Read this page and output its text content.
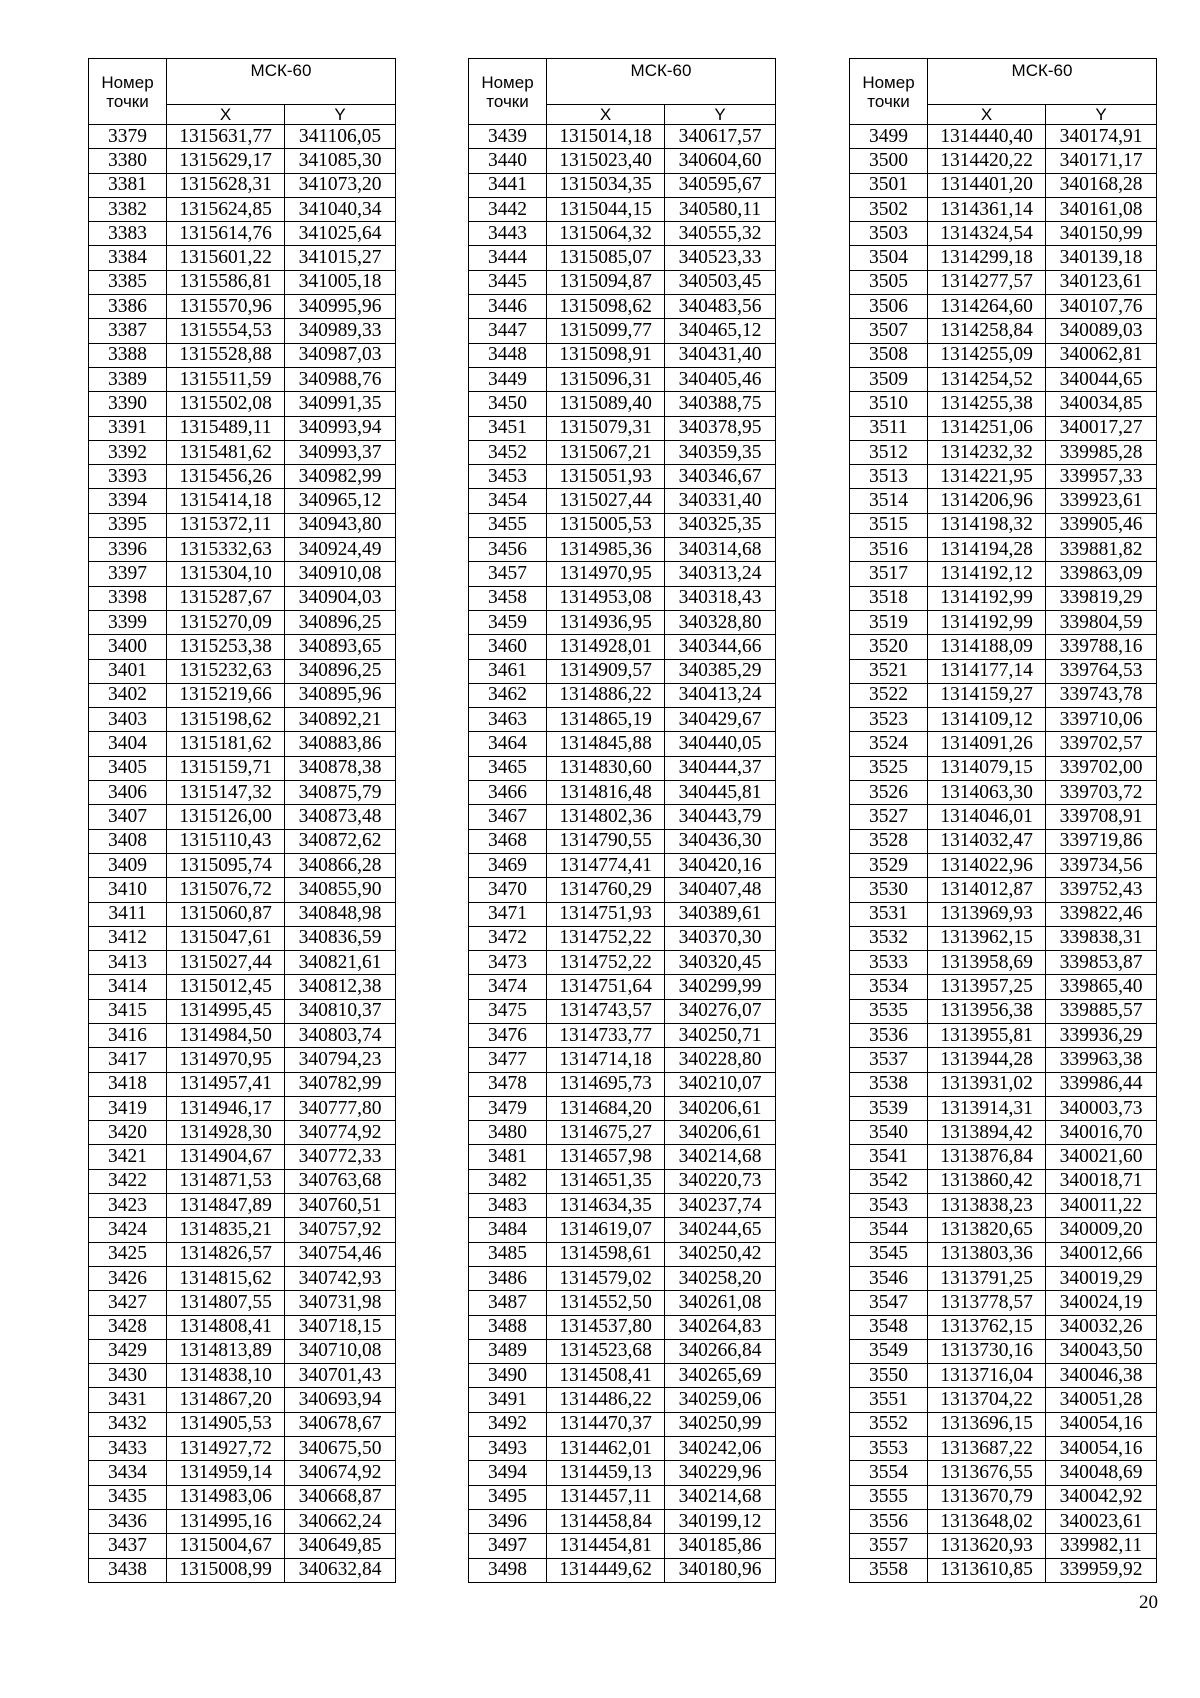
Номер
точки	МСК-60	
	X	Y
3379	1315631,77	341106,05
3380	1315629,17	341085,30
3381	1315628,31	341073,20
3382	1315624,85	341040,34
3383	1315614,76	341025,64
3384	1315601,22	341015,27
3385	1315586,81	341005,18
3386	1315570,96	340995,96
3387	1315554,53	340989,33
3388	1315528,88	340987,03
3389	1315511,59	340988,76
3390	1315502,08	340991,35
3391	1315489,11	340993,94
3392	1315481,62	340993,37
3393	1315456,26	340982,99
3394	1315414,18	340965,12
3395	1315372,11	340943,80
3396	1315332,63	340924,49
3397	1315304,10	340910,08
3398	1315287,67	340904,03
3399	1315270,09	340896,25
3400	1315253,38	340893,65
3401	1315232,63	340896,25
3402	1315219,66	340895,96
3403	1315198,62	340892,21
3404	1315181,62	340883,86
3405	1315159,71	340878,38
3406	1315147,32	340875,79
3407	1315126,00	340873,48
3408	1315110,43	340872,62
3409	1315095,74	340866,28
3410	1315076,72	340855,90
3411	1315060,87	340848,98
3412	1315047,61	340836,59
3413	1315027,44	340821,61
3414	1315012,45	340812,38
3415	1314995,45	340810,37
3416	1314984,50	340803,74
3417	1314970,95	340794,23
3418	1314957,41	340782,99
3419	1314946,17	340777,80
3420	1314928,30	340774,92
3421	1314904,67	340772,33
3422	1314871,53	340763,68
3423	1314847,89	340760,51
3424	1314835,21	340757,92
3425	1314826,57	340754,46
3426	1314815,62	340742,93
3427	1314807,55	340731,98
3428	1314808,41	340718,15
3429	1314813,89	340710,08
3430	1314838,10	340701,43
3431	1314867,20	340693,94
3432	1314905,53	340678,67
3433	1314927,72	340675,50
3434	1314959,14	340674,92
3435	1314983,06	340668,87
3436	1314995,16	340662,24
3437	1315004,67	340649,85
3438	1315008,99	340632,84
Номер
точки	МСК-60	
	X	Y
3439	1315014,18	340617,57
3440	1315023,40	340604,60
3441	1315034,35	340595,67
3442	1315044,15	340580,11
3443	1315064,32	340555,32
3444	1315085,07	340523,33
3445	1315094,87	340503,45
3446	1315098,62	340483,56
3447	1315099,77	340465,12
3448	1315098,91	340431,40
3449	1315096,31	340405,46
3450	1315089,40	340388,75
3451	1315079,31	340378,95
3452	1315067,21	340359,35
3453	1315051,93	340346,67
3454	1315027,44	340331,40
3455	1315005,53	340325,35
3456	1314985,36	340314,68
3457	1314970,95	340313,24
3458	1314953,08	340318,43
3459	1314936,95	340328,80
3460	1314928,01	340344,66
3461	1314909,57	340385,29
3462	1314886,22	340413,24
3463	1314865,19	340429,67
3464	1314845,88	340440,05
3465	1314830,60	340444,37
3466	1314816,48	340445,81
3467	1314802,36	340443,79
3468	1314790,55	340436,30
3469	1314774,41	340420,16
3470	1314760,29	340407,48
3471	1314751,93	340389,61
3472	1314752,22	340370,30
3473	1314752,22	340320,45
3474	1314751,64	340299,99
3475	1314743,57	340276,07
3476	1314733,77	340250,71
3477	1314714,18	340228,80
3478	1314695,73	340210,07
3479	1314684,20	340206,61
3480	1314675,27	340206,61
3481	1314657,98	340214,68
3482	1314651,35	340220,73
3483	1314634,35	340237,74
3484	1314619,07	340244,65
3485	1314598,61	340250,42
3486	1314579,02	340258,20
3487	1314552,50	340261,08
3488	1314537,80	340264,83
3489	1314523,68	340266,84
3490	1314508,41	340265,69
3491	1314486,22	340259,06
3492	1314470,37	340250,99
3493	1314462,01	340242,06
3494	1314459,13	340229,96
3495	1314457,11	340214,68
3496	1314458,84	340199,12
3497	1314454,81	340185,86
3498	1314449,62	340180,96
Номер
точки	МСК-60	
	X	Y
3499	1314440,40	340174,91
3500	1314420,22	340171,17
3501	1314401,20	340168,28
3502	1314361,14	340161,08
3503	1314324,54	340150,99
3504	1314299,18	340139,18
3505	1314277,57	340123,61
3506	1314264,60	340107,76
3507	1314258,84	340089,03
3508	1314255,09	340062,81
3509	1314254,52	340044,65
3510	1314255,38	340034,85
3511	1314251,06	340017,27
3512	1314232,32	339985,28
3513	1314221,95	339957,33
3514	1314206,96	339923,61
3515	1314198,32	339905,46
3516	1314194,28	339881,82
3517	1314192,12	339863,09
3518	1314192,99	339819,29
3519	1314192,99	339804,59
3520	1314188,09	339788,16
3521	1314177,14	339764,53
3522	1314159,27	339743,78
3523	1314109,12	339710,06
3524	1314091,26	339702,57
3525	1314079,15	339702,00
3526	1314063,30	339703,72
3527	1314046,01	339708,91
3528	1314032,47	339719,86
3529	1314022,96	339734,56
3530	1314012,87	339752,43
3531	1313969,93	339822,46
3532	1313962,15	339838,31
3533	1313958,69	339853,87
3534	1313957,25	339865,40
3535	1313956,38	339885,57
3536	1313955,81	339936,29
3537	1313944,28	339963,38
3538	1313931,02	339986,44
3539	1313914,31	340003,73
3540	1313894,42	340016,70
3541	1313876,84	340021,60
3542	1313860,42	340018,71
3543	1313838,23	340011,22
3544	1313820,65	340009,20
3545	1313803,36	340012,66
3546	1313791,25	340019,29
3547	1313778,57	340024,19
3548	1313762,15	340032,26
3549	1313730,16	340043,50
3550	1313716,04	340046,38
3551	1313704,22	340051,28
3552	1313696,15	340054,16
3553	1313687,22	340054,16
3554	1313676,55	340048,69
3555	1313670,79	340042,92
3556	1313648,02	340023,61
3557	1313620,93	339982,11
3558	1313610,85	339959,92
20
